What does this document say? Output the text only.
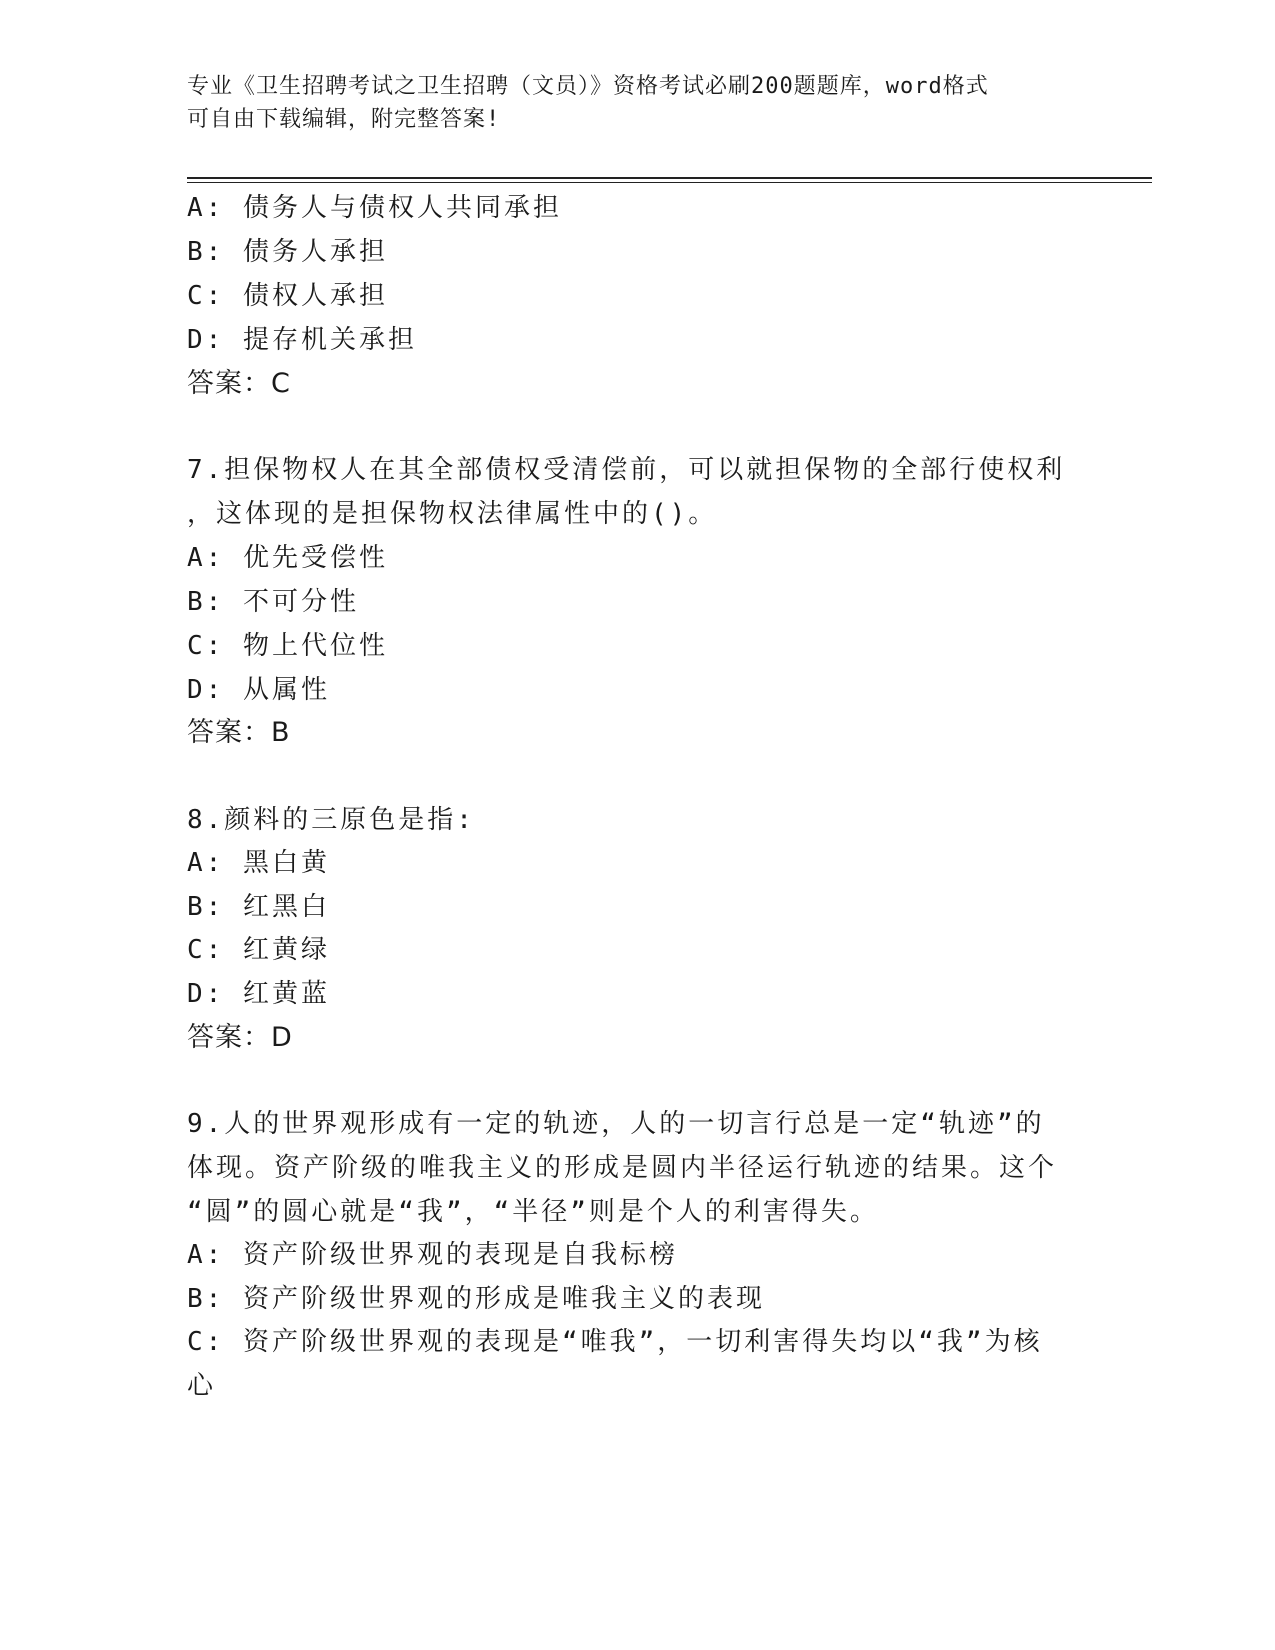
专业《卫生招聘考试之卫生招聘（文员）》资格考试必刷200题题库，word格式
可自由下载编辑，附完整答案!
A: 债务人与债权人共同承担
B: 债务人承担
C: 债权人承担
D: 提存机关承担
答案：C
7.担保物权人在其全部债权受清偿前，可以就担保物的全部行使权利
，这体现的是担保物权法律属性中的()。
A: 优先受偿性
B: 不可分性
C: 物上代位性
D: 从属性
答案：B
8.颜料的三原色是指:
A: 黑白黄
B: 红黑白
C: 红黄绿
D: 红黄蓝
答案：D
9.人的世界观形成有一定的轨迹，人的一切言行总是一定“轨迹”的
体现。资产阶级的唯我主义的形成是圆内半径运行轨迹的结果。这个
“圆”的圆心就是“我”，“半径”则是个人的利害得失。
A: 资产阶级世界观的表现是自我标榜
B: 资产阶级世界观的形成是唯我主义的表现
C: 资产阶级世界观的表现是“唯我”，一切利害得失均以“我”为核
心
